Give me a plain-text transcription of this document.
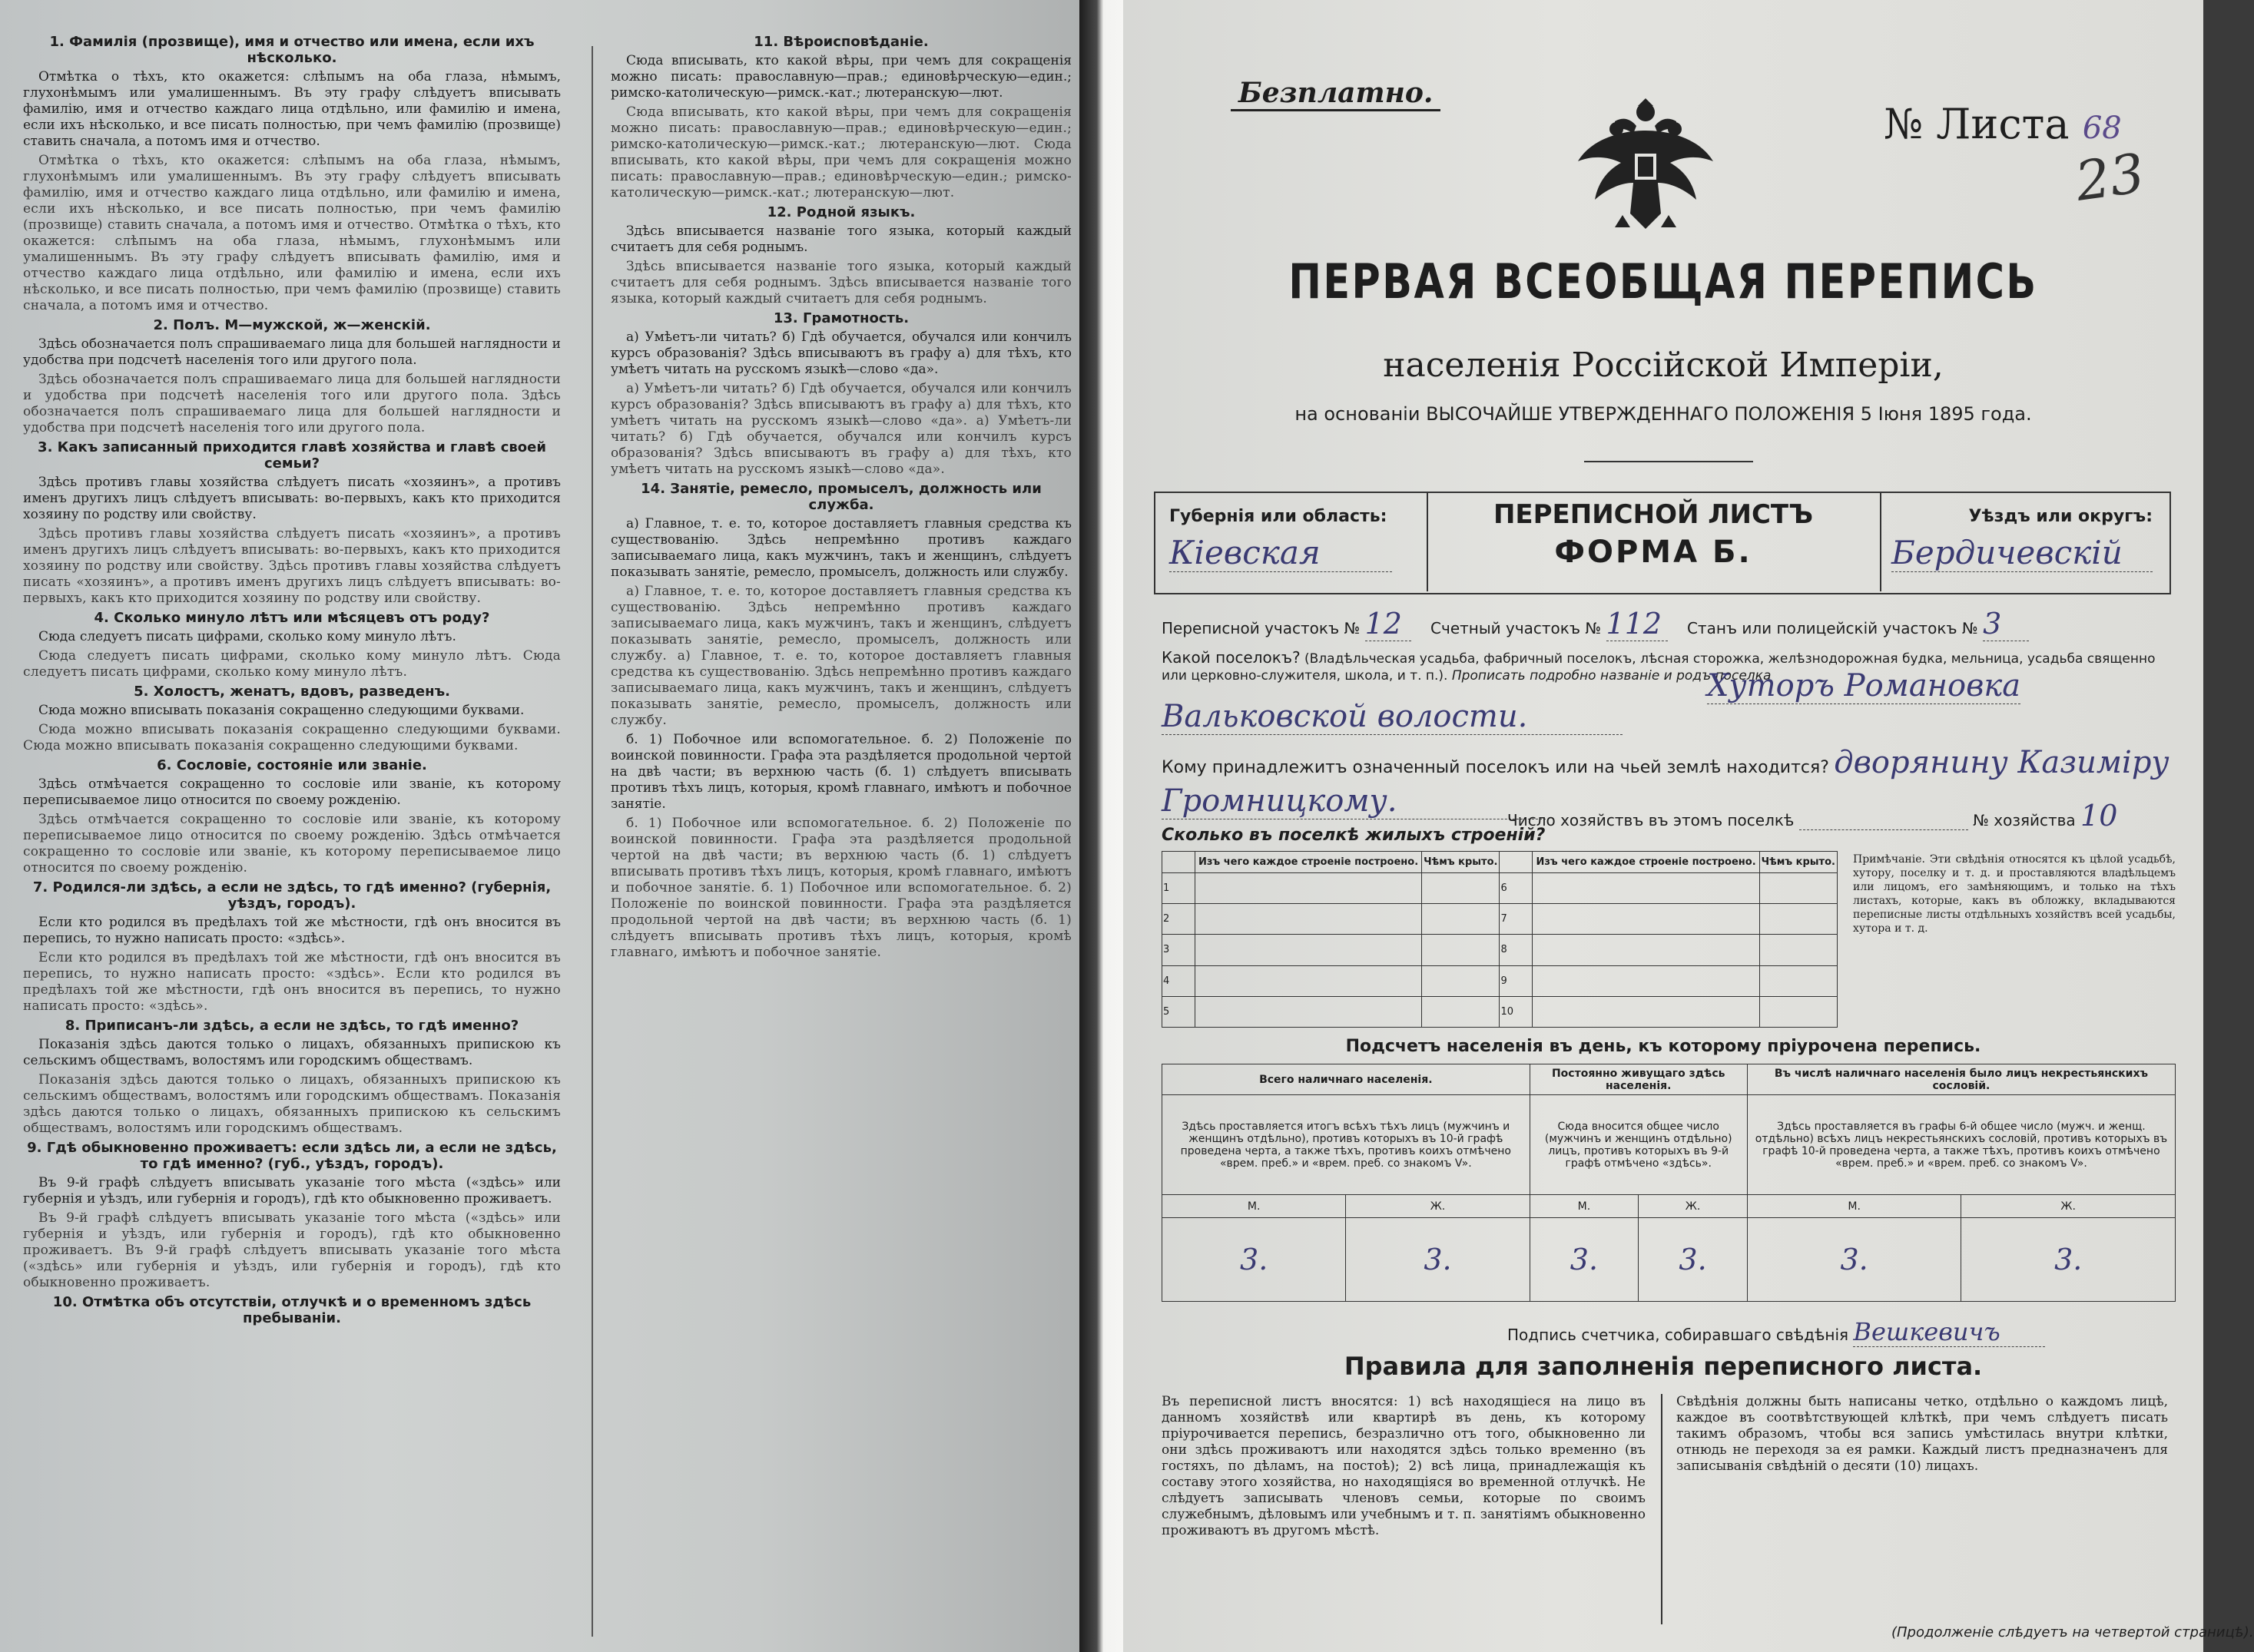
1. Фамилія (прозвище), имя и отчество или имена, если ихъ нѣсколько.

Отмѣтка о тѣхъ, кто окажется: слѣпымъ на оба глаза, нѣмымъ, глухонѣмымъ или умалишеннымъ. Въ эту графу слѣдуетъ вписывать фамилію, имя и отчество каждаго лица отдѣльно, или фамилію и имена, если ихъ нѣсколько, и все писать полностью, при чемъ фамилію (прозвище) ставить сначала, а потомъ имя и отчество.

Отмѣтка о тѣхъ, кто окажется: слѣпымъ на оба глаза, нѣмымъ, глухонѣмымъ или умалишеннымъ. Въ эту графу слѣдуетъ вписывать фамилію, имя и отчество каждаго лица отдѣльно, или фамилію и имена, если ихъ нѣсколько, и все писать полностью, при чемъ фамилію (прозвище) ставить сначала, а потомъ имя и отчество. Отмѣтка о тѣхъ, кто окажется: слѣпымъ на оба глаза, нѣмымъ, глухонѣмымъ или умалишеннымъ. Въ эту графу слѣдуетъ вписывать фамилію, имя и отчество каждаго лица отдѣльно, или фамилію и имена, если ихъ нѣсколько, и все писать полностью, при чемъ фамилію (прозвище) ставить сначала, а потомъ имя и отчество.

2. Полъ. М—мужской, ж—женскій.

Здѣсь обозначается полъ спрашиваемаго лица для большей наглядности и удобства при подсчетѣ населенія того или другого пола.

Здѣсь обозначается полъ спрашиваемаго лица для большей наглядности и удобства при подсчетѣ населенія того или другого пола. Здѣсь обозначается полъ спрашиваемаго лица для большей наглядности и удобства при подсчетѣ населенія того или другого пола.

3. Какъ записанный приходится главѣ хозяйства и главѣ своей семьи?

Здѣсь противъ главы хозяйства слѣдуетъ писать «хозяинъ», а противъ именъ другихъ лицъ слѣдуетъ вписывать: во-первыхъ, какъ кто приходится хозяину по родству или свойству.

Здѣсь противъ главы хозяйства слѣдуетъ писать «хозяинъ», а противъ именъ другихъ лицъ слѣдуетъ вписывать: во-первыхъ, какъ кто приходится хозяину по родству или свойству. Здѣсь противъ главы хозяйства слѣдуетъ писать «хозяинъ», а противъ именъ другихъ лицъ слѣдуетъ вписывать: во-первыхъ, какъ кто приходится хозяину по родству или свойству.

4. Сколько минуло лѣтъ или мѣсяцевъ отъ роду?

Сюда следуетъ писать цифрами, сколько кому минуло лѣтъ.

Сюда следуетъ писать цифрами, сколько кому минуло лѣтъ. Сюда следуетъ писать цифрами, сколько кому минуло лѣтъ.

5. Холостъ, женатъ, вдовъ, разведенъ.

Сюда можно вписывать показанія сокращенно следующими буквами.

Сюда можно вписывать показанія сокращенно следующими буквами. Сюда можно вписывать показанія сокращенно следующими буквами.

6. Сословіе, состояніе или званіе.

Здѣсь отмѣчается сокращенно то сословіе или званіе, къ которому переписываемое лицо относится по своему рожденію.

Здѣсь отмѣчается сокращенно то сословіе или званіе, къ которому переписываемое лицо относится по своему рожденію. Здѣсь отмѣчается сокращенно то сословіе или званіе, къ которому переписываемое лицо относится по своему рожденію.

7. Родился-ли здѣсь, а если не здѣсь, то гдѣ именно? (губернія, уѣздъ, городъ).

Если кто родился въ предѣлахъ той же мѣстности, гдѣ онъ вносится въ перепись, то нужно написать просто: «здѣсь».

Если кто родился въ предѣлахъ той же мѣстности, гдѣ онъ вносится въ перепись, то нужно написать просто: «здѣсь». Если кто родился въ предѣлахъ той же мѣстности, гдѣ онъ вносится въ перепись, то нужно написать просто: «здѣсь».

8. Приписанъ-ли здѣсь, а если не здѣсь, то гдѣ именно?

Показанія здѣсь даются только о лицахъ, обязанныхъ припискою къ сельскимъ обществамъ, волостямъ или городскимъ обществамъ.

Показанія здѣсь даются только о лицахъ, обязанныхъ припискою къ сельскимъ обществамъ, волостямъ или городскимъ обществамъ. Показанія здѣсь даются только о лицахъ, обязанныхъ припискою къ сельскимъ обществамъ, волостямъ или городскимъ обществамъ.

9. Гдѣ обыкновенно проживаетъ: если здѣсь ли, а если не здѣсь, то гдѣ именно? (губ., уѣздъ, городъ).

Въ 9-й графѣ слѣдуетъ вписывать указаніе того мѣста («здѣсь» или губернія и уѣздъ, или губернія и городъ), гдѣ кто обыкновенно проживаетъ.

Въ 9-й графѣ слѣдуетъ вписывать указаніе того мѣста («здѣсь» или губернія и уѣздъ, или губернія и городъ), гдѣ кто обыкновенно проживаетъ. Въ 9-й графѣ слѣдуетъ вписывать указаніе того мѣста («здѣсь» или губернія и уѣздъ, или губернія и городъ), гдѣ кто обыкновенно проживаетъ.

10. Отмѣтка объ отсутствіи, отлучкѣ и о временномъ здѣсь пребываніи.
11. Вѣроисповѣданіе.

Сюда вписывать, кто какой вѣры, при чемъ для сокращенія можно писать: православную—прав.; единовѣрческую—един.; римско-католическую—римск.-кат.; лютеранскую—лют.

Сюда вписывать, кто какой вѣры, при чемъ для сокращенія можно писать: православную—прав.; единовѣрческую—един.; римско-католическую—римск.-кат.; лютеранскую—лют. Сюда вписывать, кто какой вѣры, при чемъ для сокращенія можно писать: православную—прав.; единовѣрческую—един.; римско-католическую—римск.-кат.; лютеранскую—лют.

12. Родной языкъ.

Здѣсь вписывается названіе того языка, который каждый считаетъ для себя роднымъ.

Здѣсь вписывается названіе того языка, который каждый считаетъ для себя роднымъ. Здѣсь вписывается названіе того языка, который каждый считаетъ для себя роднымъ.

13. Грамотность.

а) Умѣетъ-ли читать? б) Гдѣ обучается, обучался или кончилъ курсъ образованія? Здѣсь вписываютъ въ графу а) для тѣхъ, кто умѣетъ читать на русскомъ языкѣ—слово «да».

а) Умѣетъ-ли читать? б) Гдѣ обучается, обучался или кончилъ курсъ образованія? Здѣсь вписываютъ въ графу а) для тѣхъ, кто умѣетъ читать на русскомъ языкѣ—слово «да». а) Умѣетъ-ли читать? б) Гдѣ обучается, обучался или кончилъ курсъ образованія? Здѣсь вписываютъ въ графу а) для тѣхъ, кто умѣетъ читать на русскомъ языкѣ—слово «да».

14. Занятіе, ремесло, промыселъ, должность или служба.

а) Главное, т. е. то, которое доставляетъ главныя средства къ существованію. Здѣсь непремѣнно противъ каждаго записываемаго лица, какъ мужчинъ, такъ и женщинъ, слѣдуетъ показывать занятіе, ремесло, промыселъ, должность или службу.

а) Главное, т. е. то, которое доставляетъ главныя средства къ существованію. Здѣсь непремѣнно противъ каждаго записываемаго лица, какъ мужчинъ, такъ и женщинъ, слѣдуетъ показывать занятіе, ремесло, промыселъ, должность или службу. а) Главное, т. е. то, которое доставляетъ главныя средства къ существованію. Здѣсь непремѣнно противъ каждаго записываемаго лица, какъ мужчинъ, такъ и женщинъ, слѣдуетъ показывать занятіе, ремесло, промыселъ, должность или службу.

б. 1) Побочное или вспомогательное. б. 2) Положеніе по воинской повинности. Графа эта раздѣляется продольной чертой на двѣ части; въ верхнюю часть (б. 1) слѣдуетъ вписывать противъ тѣхъ лицъ, которыя, кромѣ главнаго, имѣютъ и побочное занятіе.

б. 1) Побочное или вспомогательное. б. 2) Положеніе по воинской повинности. Графа эта раздѣляется продольной чертой на двѣ части; въ верхнюю часть (б. 1) слѣдуетъ вписывать противъ тѣхъ лицъ, которыя, кромѣ главнаго, имѣютъ и побочное занятіе. б. 1) Побочное или вспомогательное. б. 2) Положеніе по воинской повинности. Графа эта раздѣляется продольной чертой на двѣ части; въ верхнюю часть (б. 1) слѣдуетъ вписывать противъ тѣхъ лицъ, которыя, кромѣ главнаго, имѣютъ и побочное занятіе.

Безплатно.
№ Листа 68
23
ПЕРВАЯ ВСЕОБЩАЯ ПЕРЕПИСЬ
населенія Россійской Имперіи,
на основаніи ВЫСОЧАЙШЕ УТВЕРЖДЕННАГО ПОЛОЖЕНІЯ 5 Іюня 1895 года.
Губернія или область:
Кіевская
ПЕРЕПИСНОЙ ЛИСТЪ
ФОРМА Б.
Уѣздъ или округъ:
Бердичевскій
Переписной участокъ № 12 Счетный участокъ № 112 Станъ или полицейскій участокъ № 3
Какой поселокъ? (Владѣльческая усадьба, фабричный поселокъ, лѣсная сторожка, желѣзнодорожная будка, мельница, усадьба священно или церковно-служителя, школа, и т. п.). Прописать подробно названіе и родъ поселка
Хуторъ Романовка
Вальковской волости.
Кому принадлежитъ означенный поселокъ или на чьей землѣ находится? дворянину Казиміру
Громницкому.
Число хозяйствъ въ этомъ поселкѣ	№ хозяйства 10
Сколько въ поселкѣ жилыхъ строеній?
	Изъ чего каждое строеніе построено.	Чѣмъ крыто.		Изъ чего каждое строеніе построено.	Чѣмъ крыто.
1			6		
2			7		
3			8		
4			9		
5			10		
Примѣчаніе. Эти свѣдѣнія относятся къ цѣлой усадьбѣ, хутору, поселку и т. д. и проставляются владѣльцемъ или лицомъ, его замѣняющимъ, и только на тѣхъ листахъ, которые, какъ въ обложку, вкладываются переписные листы отдѣльныхъ хозяйствъ всей усадьбы, хутора и т. д.
Подсчетъ населенія въ день, къ которому пріурочена перепись.
Всего наличнаго населенія.		Постоянно живущаго здѣсь населенія.		Въ числѣ наличнаго населенія было лицъ некрестьянскихъ сословій.	
Здѣсь проставляется итогъ всѣхъ тѣхъ лицъ (мужчинъ и женщинъ отдѣльно), противъ которыхъ въ 10-й графѣ проведена черта, а также тѣхъ, противъ коихъ отмѣчено «врем. преб.» и «врем. преб. со знакомъ V».		Сюда вносится общее число (мужчинъ и женщинъ отдѣльно) лицъ, противъ которыхъ въ 9-й графѣ отмѣчено «здѣсь».		Здѣсь проставляется въ графы 6-й общее число (мужч. и женщ. отдѣльно) всѣхъ лицъ некрестьянскихъ сословій, противъ которыхъ въ графѣ 10-й проведена черта, а также тѣхъ, противъ коихъ отмѣчено «врем. преб.» и «врем. преб. со знакомъ V».	
М.	Ж.	М.	Ж.	М.	Ж.
3.	3.	3.	3.	3.	3.
Подпись счетчика, собиравшаго свѣдѣнія Вешкевичъ
Правила для заполненія переписного листа.
Въ переписной листъ вносятся: 1) всѣ находящіеся на лицо въ данномъ хозяйствѣ или квартирѣ въ день, къ которому пріурочивается перепись, безразлично отъ того, обыкновенно ли они здѣсь проживаютъ или находятся здѣсь только временно (въ гостяхъ, по дѣламъ, на постоѣ); 2) всѣ лица, принадлежащія къ составу этого хозяйства, но находящіяся во временной отлучкѣ. Не слѣдуетъ записывать членовъ семьи, которые по своимъ служебнымъ, дѣловымъ или учебнымъ и т. п. занятіямъ обыкновенно проживаютъ въ другомъ мѣстѣ.
Свѣдѣнія должны быть написаны четко, отдѣльно о каждомъ лицѣ, каждое въ соотвѣтствующей клѣткѣ, при чемъ слѣдуетъ писать такимъ образомъ, чтобы вся запись умѣстилась внутри клѣтки, отнюдь не переходя за ея рамки. Каждый листъ предназначенъ для записыванія свѣдѣній о десяти (10) лицахъ.
(Продолженіе слѣдуетъ на четвертой страницѣ).
